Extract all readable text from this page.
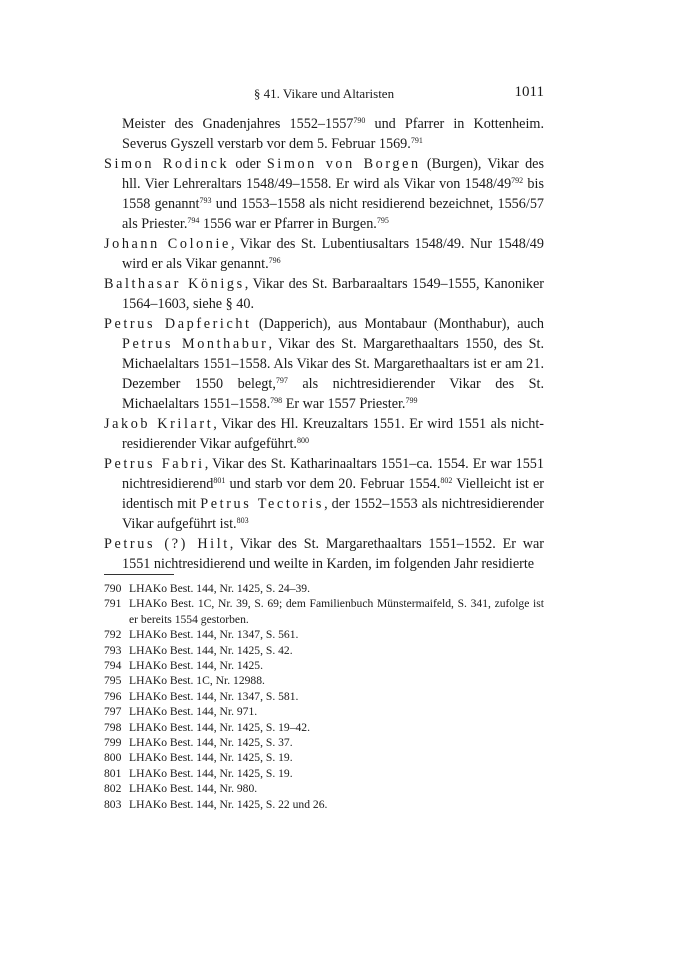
§ 41. Vikare und Altaristen	1011

Meister des Gnadenjahres 1552–1557$^{790}$ und Pfarrer in Kottenheim. Severus Gyszell verstarb vor dem 5. Februar 1569.$^{791}$

Simon Rodinck oder Simon von Borgen (Burgen), Vikar des hll. Vier Lehreraltars 1548/49–1558. Er wird als Vikar von $1548/49^{792}$ bis 1558 genannt$^{793}$ und 1553–1558 als nicht residierend bezeichnet, 1556/57 als Priester.$^{794}$ 1556 war er Pfarrer in Burgen.$^{795}$

Johann Colonie, Vikar des St. Lubentiusaltars 1548/49. Nur 1548/49 wird er als Vikar genannt.$^{796}$

Balthasar Königs, Vikar des St. Barbaraaltars 1549–1555, Kanoniker 1564–1603, siehe § 40.

Petrus Dapfericht (Dapperich), aus Montabaur (Monthabur), auch Petrus Monthabur, Vikar des St. Margarethaaltars 1550, des St. Michaelaltars 1551–1558. Als Vikar des St. Margarethaaltars ist er am 21. Dezember 1550 belegt,$^{797}$ als nichtresidierender Vikar des St. Michaelaltars 1551–1558.$^{798}$ Er war 1557 Priester.$^{799}$

Jakob Krilart, Vikar des Hl. Kreuzaltars 1551. Er wird 1551 als nichtresidierender Vikar aufgeführt.$^{800}$

Petrus Fabri, Vikar des St. Katharinaaltars 1551–ca. 1554. Er war 1551 nichtresidierend$^{801}$ und starb vor dem 20. Februar 1554.$^{802}$ Vielleicht ist er identisch mit Petrus Tectoris, der 1552–1553 als nichtresidierender Vikar aufgeführt ist.$^{803}$

Petrus (?) Hilt, Vikar des St. Margarethaaltars 1551–1552. Er war 1551 nichtresidierend und weilte in Karden, im folgenden Jahr residierte

790 LHAKo Best. 144, Nr. 1425, S. 24–39.
791 LHAKo Best. 1C, Nr. 39, S. 69; dem Familienbuch Münstermaifeld, S. 341, zufolge ist er bereits 1554 gestorben.
792 LHAKo Best. 144, Nr. 1347, S. 561.
793 LHAKo Best. 144, Nr. 1425, S. 42.
794 LHAKo Best. 144, Nr. 1425.
795 LHAKo Best. 1C, Nr. 12988.
796 LHAKo Best. 144, Nr. 1347, S. 581.
797 LHAKo Best. 144, Nr. 971.
798 LHAKo Best. 144, Nr. 1425, S. 19–42.
799 LHAKo Best. 144, Nr. 1425, S. 37.
800 LHAKo Best. 144, Nr. 1425, S. 19.
801 LHAKo Best. 144, Nr. 1425, S. 19.
802 LHAKo Best. 144, Nr. 980.
803 LHAKo Best. 144, Nr. 1425, S. 22 und 26.
